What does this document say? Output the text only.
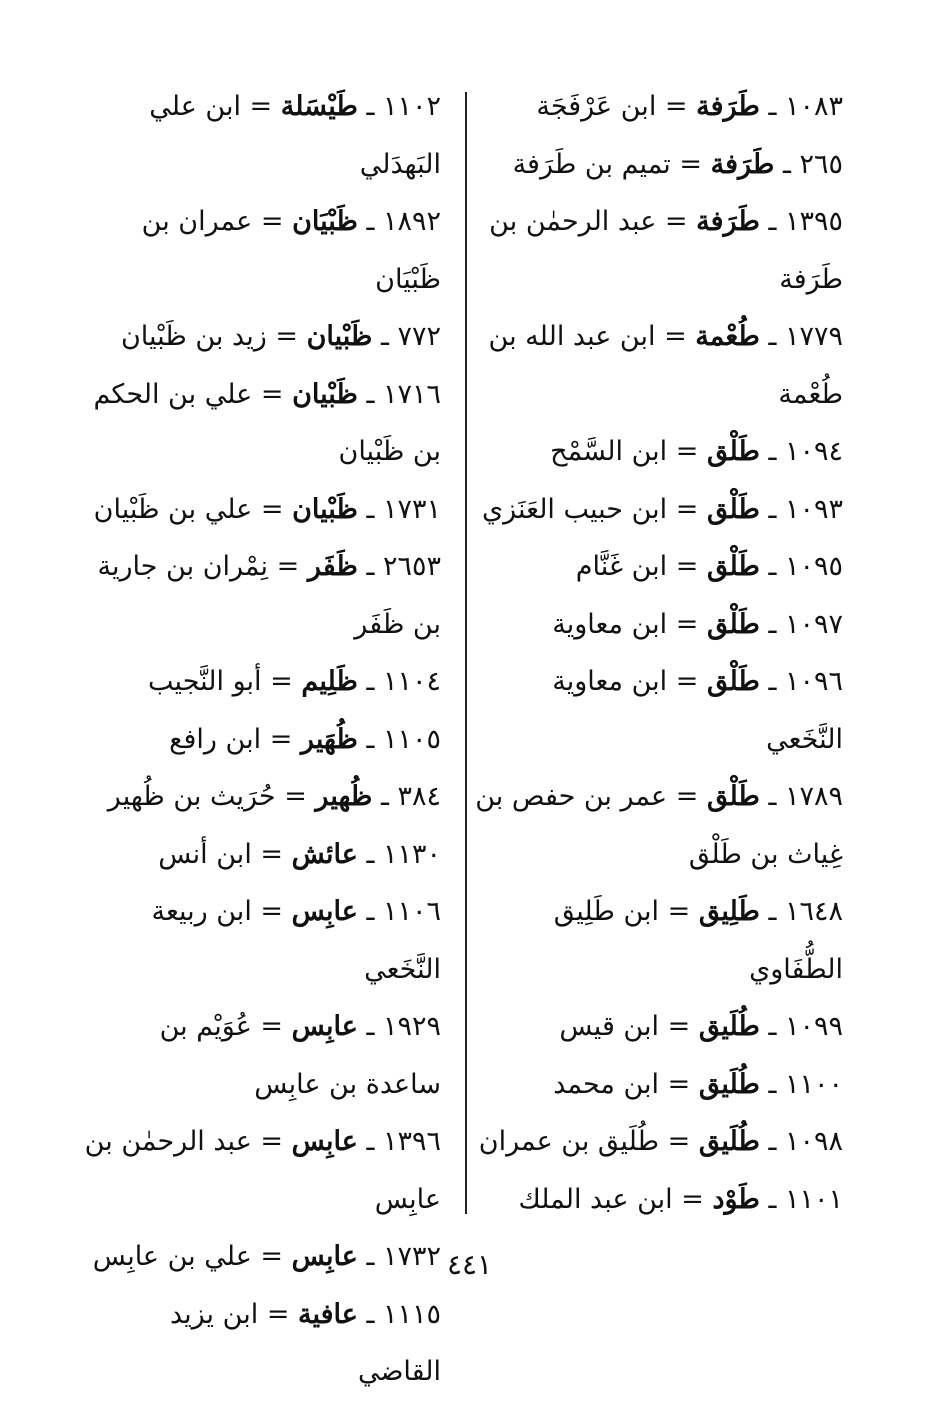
١٠٨٣ ـ طَرَفة = ابن عَرْفَجَة
٢٦٥ ـ طَرَفة = تميم بن طَرَفة
١٣٩٥ ـ طَرَفة = عبد الرحمٰن بن طَرَفة
١٧٧٩ ـ طُعْمة = ابن عبد الله بن طُعْمة
١٠٩٤ ـ طَلْق = ابن السَّمْح
١٠٩٣ ـ طَلْق = ابن حبيب العَنَزي
١٠٩٥ ـ طَلْق = ابن غَنَّام
١٠٩٧ ـ طَلْق = ابن معاوية
١٠٩٦ ـ طَلْق = ابن معاوية النَّخَعي
١٧٨٩ ـ طَلْق = عمر بن حفص بن غِياث بن طَلْق
١٦٤٨ ـ طَلِيق = ابن طَلِيق الطُّفَاوي
١٠٩٩ ـ طُلَيق = ابن قيس
١١٠٠ ـ طُلَيق = ابن محمد
١٠٩٨ ـ طُلَيق = طُلَيق بن عمران
١١٠١ ـ طَوْد = ابن عبد الملك
١١٠٢ ـ طَيْسَلة = ابن علي البَهدَلي
١٨٩٢ ـ ظَبْيَان = عمران بن ظَبْيَان
٧٧٢ ـ ظَبْيان = زيد بن ظَبْيان
١٧١٦ ـ ظَبْيان = علي بن الحكم بن ظَبْيان
١٧٣١ ـ ظَبْيان = علي بن ظَبْيان
٢٦٥٣ ـ ظَفَر = نِمْران بن جارية بن ظَفَر
١١٠٤ ـ ظَلِيم = أبو النَّجيب
١١٠٥ ـ ظُهَير = ابن رافع
٣٨٤ ـ ظُهير = حُرَيث بن ظُهير
١١٣٠ ـ عائش = ابن أنس
١١٠٦ ـ عابِس = ابن ربيعة النَّخَعي
١٩٢٩ ـ عابِس = عُوَيْم بن ساعدة بن عابِس
١٣٩٦ ـ عابِس = عبد الرحمٰن بن عابِس
١٧٣٢ ـ عابِس = علي بن عابِس
١١١٥ ـ عافية = ابن يزيد القاضي
٤٤١
